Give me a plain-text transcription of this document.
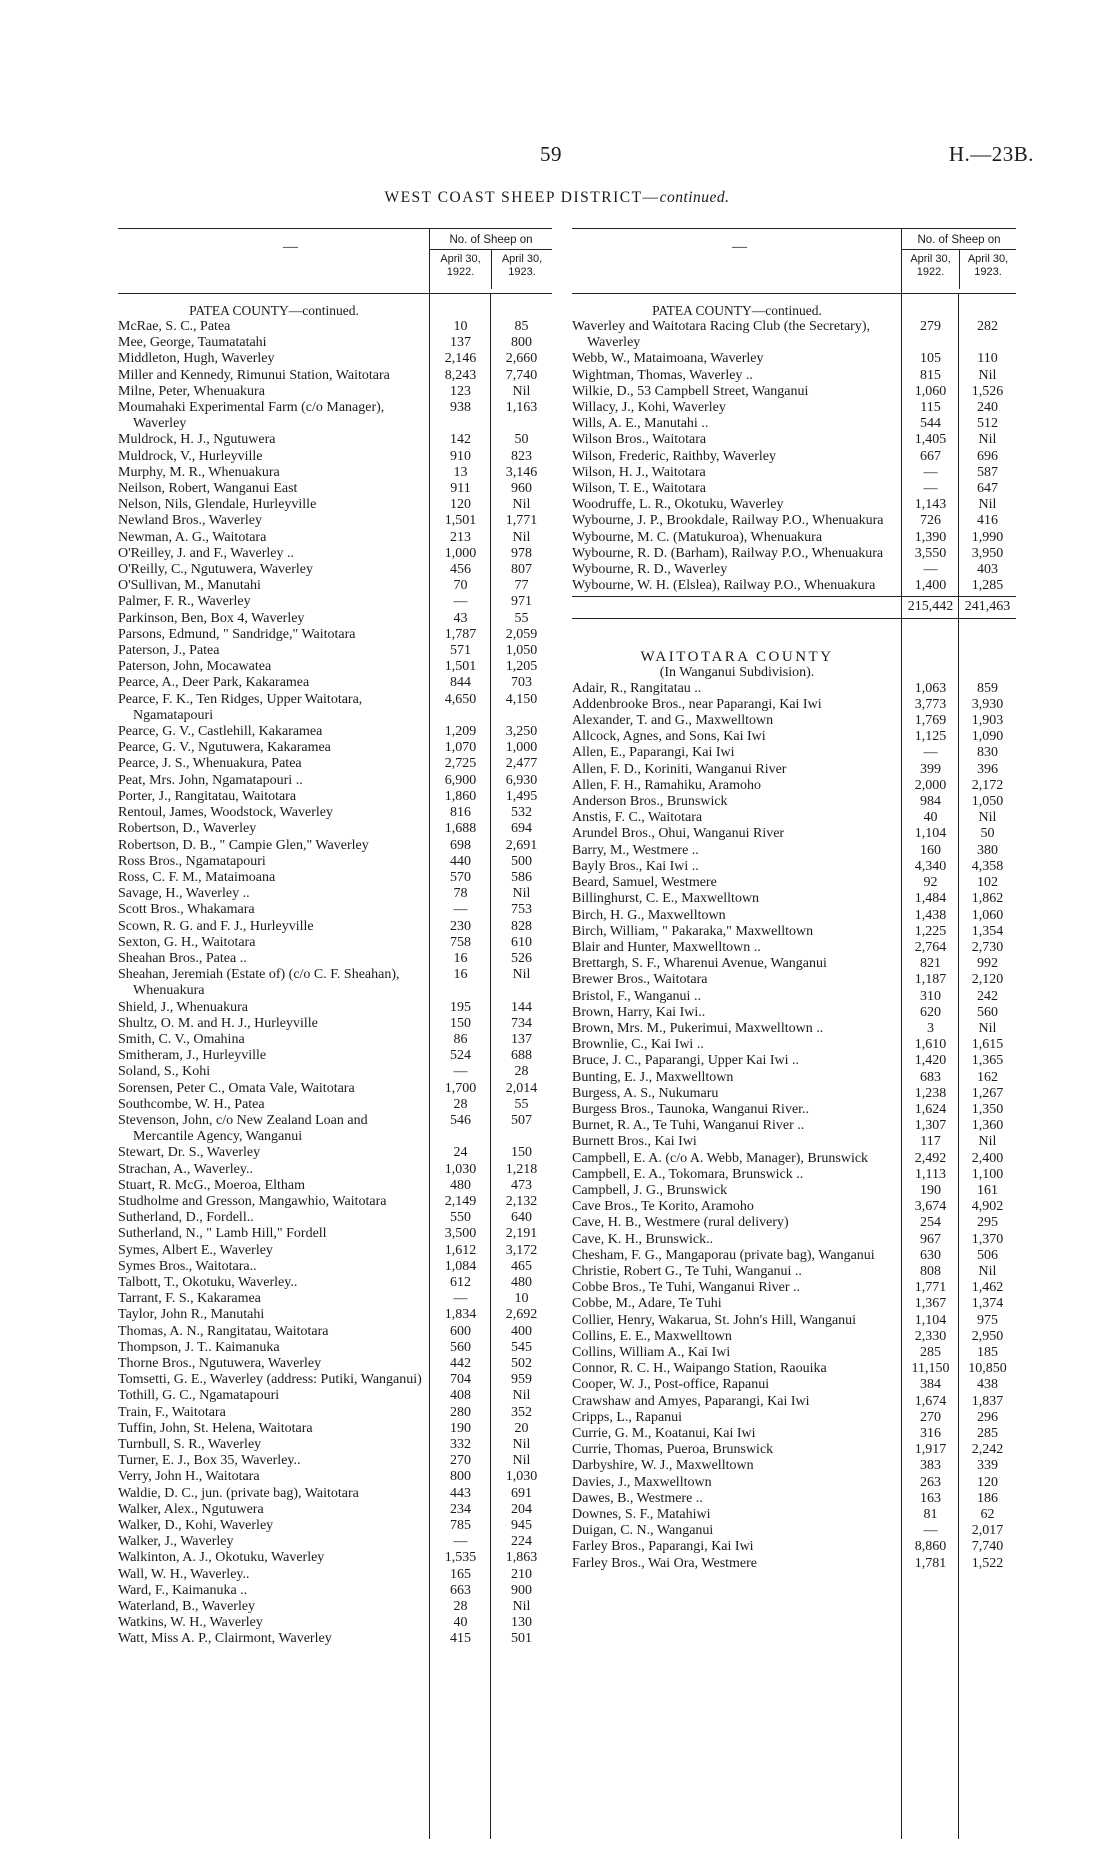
59	H.—23B.
WEST COAST SHEEP DISTRICT—continued.
—	No. of Sheep on
April 30, 1922.
April 30, 1923.
PATEA COUNTY—continued.
McRae, S. C., Patea	10	85
Mee, George, Taumatatahi	137	800
Middleton, Hugh, Waverley	2,146	2,660
Miller and Kennedy, Rimunui Station, Waitotara	8,243	7,740
Milne, Peter, Whenuakura	123	Nil
Moumahaki Experimental Farm (c/o Manager), Waverley
938	1,163
Muldrock, H. J., Ngutuwera	142	50
Muldrock, V., Hurleyville	910	823
Murphy, M. R., Whenuakura	13	3,146
Neilson, Robert, Wanganui East	911	960
Nelson, Nils, Glendale, Hurleyville	120	Nil
Newland Bros., Waverley	1,501	1,771
Newman, A. G., Waitotara	213	Nil
O'Reilley, J. and F., Waverley ..	1,000	978
O'Reilly, C., Ngutuwera, Waverley	456	807
O'Sullivan, M., Manutahi	70	77
Palmer, F. R., Waverley	—	971
Parkinson, Ben, Box 4, Waverley	43	55
Parsons, Edmund, " Sandridge," Waitotara	1,787	2,059
Paterson, J., Patea	571	1,050
Paterson, John, Mocawatea	1,501	1,205
Pearce, A., Deer Park, Kakaramea	844	703
Pearce, F. K., Ten Ridges, Upper Waitotara, Ngamatapouri
4,650	4,150
Pearce, G. V., Castlehill, Kakaramea	1,209	3,250
Pearce, G. V., Ngutuwera, Kakaramea	1,070	1,000
Pearce, J. S., Whenuakura, Patea	2,725	2,477
Peat, Mrs. John, Ngamatapouri ..	6,900	6,930
Porter, J., Rangitatau, Waitotara	1,860	1,495
Rentoul, James, Woodstock, Waverley	816	532
Robertson, D., Waverley	1,688	694
Robertson, D. B., " Campie Glen," Waverley	698	2,691
Ross Bros., Ngamatapouri	440	500
Ross, C. F. M., Mataimoana	570	586
Savage, H., Waverley ..	78	Nil
Scott Bros., Whakamara	—	753
Scown, R. G. and F. J., Hurleyville	230	828
Sexton, G. H., Waitotara	758	610
Sheahan Bros., Patea ..	16	526
Sheahan, Jeremiah (Estate of) (c/o C. F. Sheahan), Whenuakura
16	Nil
Shield, J., Whenuakura	195	144
Shultz, O. M. and H. J., Hurleyville	150	734
Smith, C. V., Omahina	86	137
Smitheram, J., Hurleyville	524	688
Soland, S., Kohi	—	28
Sorensen, Peter C., Omata Vale, Waitotara	1,700	2,014
Southcombe, W. H., Patea	28	55
Stevenson, John, c/o New Zealand Loan and Mercantile Agency, Wanganui
546	507
Stewart, Dr. S., Waverley	24	150
Strachan, A., Waverley..	1,030	1,218
Stuart, R. McG., Moeroa, Eltham	480	473
Studholme and Gresson, Mangawhio, Waitotara	2,149	2,132
Sutherland, D., Fordell..	550	640
Sutherland, N., " Lamb Hill," Fordell	3,500	2,191
Symes, Albert E., Waverley	1,612	3,172
Symes Bros., Waitotara..	1,084	465
Talbott, T., Okotuku, Waverley..	612	480
Tarrant, F. S., Kakaramea	—	10
Taylor, John R., Manutahi	1,834	2,692
Thomas, A. N., Rangitatau, Waitotara	600	400
Thompson, J. T.. Kaimanuka	560	545
Thorne Bros., Ngutuwera, Waverley	442	502
Tomsetti, G. E., Waverley (address: Putiki, Wanganui)	704	959
Tothill, G. C., Ngamatapouri	408	Nil
Train, F., Waitotara	280	352
Tuffin, John, St. Helena, Waitotara	190	20
Turnbull, S. R., Waverley	332	Nil
Turner, E. J., Box 35, Waverley..	270	Nil
Verry, John H., Waitotara	800	1,030
Waldie, D. C., jun. (private bag), Waitotara	443	691
Walker, Alex., Ngutuwera	234	204
Walker, D., Kohi, Waverley	785	945
Walker, J., Waverley	—	224
Walkinton, A. J., Okotuku, Waverley	1,535	1,863
Wall, W. H., Waverley..	165	210
Ward, F., Kaimanuka ..	663	900
Waterland, B., Waverley	28	Nil
Watkins, W. H., Waverley	40	130
Watt, Miss A. P., Clairmont, Waverley	415	501
—	No. of Sheep on
April 30, 1922.
April 30, 1923.
PATEA COUNTY—continued.
Waverley and Waitotara Racing Club (the Secretary), Waverley
279	282
Webb, W., Mataimoana, Waverley	105	110
Wightman, Thomas, Waverley ..	815	Nil
Wilkie, D., 53 Campbell Street, Wanganui	1,060	1,526
Willacy, J., Kohi, Waverley	115	240
Wills, A. E., Manutahi ..	544	512
Wilson Bros., Waitotara	1,405	Nil
Wilson, Frederic, Raithby, Waverley	667	696
Wilson, H. J., Waitotara	—	587
Wilson, T. E., Waitotara	—	647
Woodruffe, L. R., Okotuku, Waverley	1,143	Nil
Wybourne, J. P., Brookdale, Railway P.O., Whenuakura	726	416
Wybourne, M. C. (Matukuroa), Whenuakura	1,390	1,990
Wybourne, R. D. (Barham), Railway P.O., Whenuakura	3,550	3,950
Wybourne, R. D., Waverley	—	403
Wybourne, W. H. (Elslea), Railway P.O., Whenuakura	1,400	1,285
215,442 241,463
WAITOTARA COUNTY
(In Wanganui Subdivision).
Adair, R., Rangitatau ..	1,063	859
Addenbrooke Bros., near Paparangi, Kai Iwi	3,773	3,930
Alexander, T. and G., Maxwelltown	1,769	1,903
Allcock, Agnes, and Sons, Kai Iwi	1,125	1,090
Allen, E., Paparangi, Kai Iwi	—	830
Allen, F. D., Koriniti, Wanganui River	399	396
Allen, F. H., Ramahiku, Aramoho	2,000	2,172
Anderson Bros., Brunswick	984	1,050
Anstis, F. C., Waitotara	40	Nil
Arundel Bros., Ohui, Wanganui River	1,104	50
Barry, M., Westmere ..	160	380
Bayly Bros., Kai Iwi ..	4,340	4,358
Beard, Samuel, Westmere	92	102
Billinghurst, C. E., Maxwelltown	1,484	1,862
Birch, H. G., Maxwelltown	1,438	1,060
Birch, William, " Pakaraka," Maxwelltown	1,225	1,354
Blair and Hunter, Maxwelltown ..	2,764	2,730
Brettargh, S. F., Wharenui Avenue, Wanganui	821	992
Brewer Bros., Waitotara	1,187	2,120
Bristol, F., Wanganui ..	310	242
Brown, Harry, Kai Iwi..	620	560
Brown, Mrs. M., Pukerimui, Maxwelltown ..	3	Nil
Brownlie, C., Kai Iwi ..	1,610	1,615
Bruce, J. C., Paparangi, Upper Kai Iwi ..	1,420	1,365
Bunting, E. J., Maxwelltown	683	162
Burgess, A. S., Nukumaru	1,238	1,267
Burgess Bros., Taunoka, Wanganui River..	1,624	1,350
Burnet, R. A., Te Tuhi, Wanganui River ..	1,307	1,360
Burnett Bros., Kai Iwi	117	Nil
Campbell, E. A. (c/o A. Webb, Manager), Brunswick	2,492	2,400
Campbell, E. A., Tokomara, Brunswick ..	1,113	1,100
Campbell, J. G., Brunswick	190	161
Cave Bros., Te Korito, Aramoho	3,674	4,902
Cave, H. B., Westmere (rural delivery)	254	295
Cave, K. H., Brunswick..	967	1,370
Chesham, F. G., Mangaporau (private bag), Wanganui	630	506
Christie, Robert G., Te Tuhi, Wanganui ..	808	Nil
Cobbe Bros., Te Tuhi, Wanganui River ..	1,771	1,462
Cobbe, M., Adare, Te Tuhi	1,367	1,374
Collier, Henry, Wakarua, St. John's Hill, Wanganui	1,104	975
Collins, E. E., Maxwelltown	2,330	2,950
Collins, William A., Kai Iwi	285	185
Connor, R. C. H., Waipango Station, Raouika	11,150	10,850
Cooper, W. J., Post-office, Rapanui	384	438
Crawshaw and Amyes, Paparangi, Kai Iwi	1,674	1,837
Cripps, L., Rapanui	270	296
Currie, G. M., Koatanui, Kai Iwi	316	285
Currie, Thomas, Pueroa, Brunswick	1,917	2,242
Darbyshire, W. J., Maxwelltown	383	339
Davies, J., Maxwelltown	263	120
Dawes, B., Westmere ..	163	186
Downes, S. F., Matahiwi	81	62
Duigan, C. N., Wanganui	—	2,017
Farley Bros., Paparangi, Kai Iwi	8,860	7,740
Farley Bros., Wai Ora, Westmere	1,781	1,522
